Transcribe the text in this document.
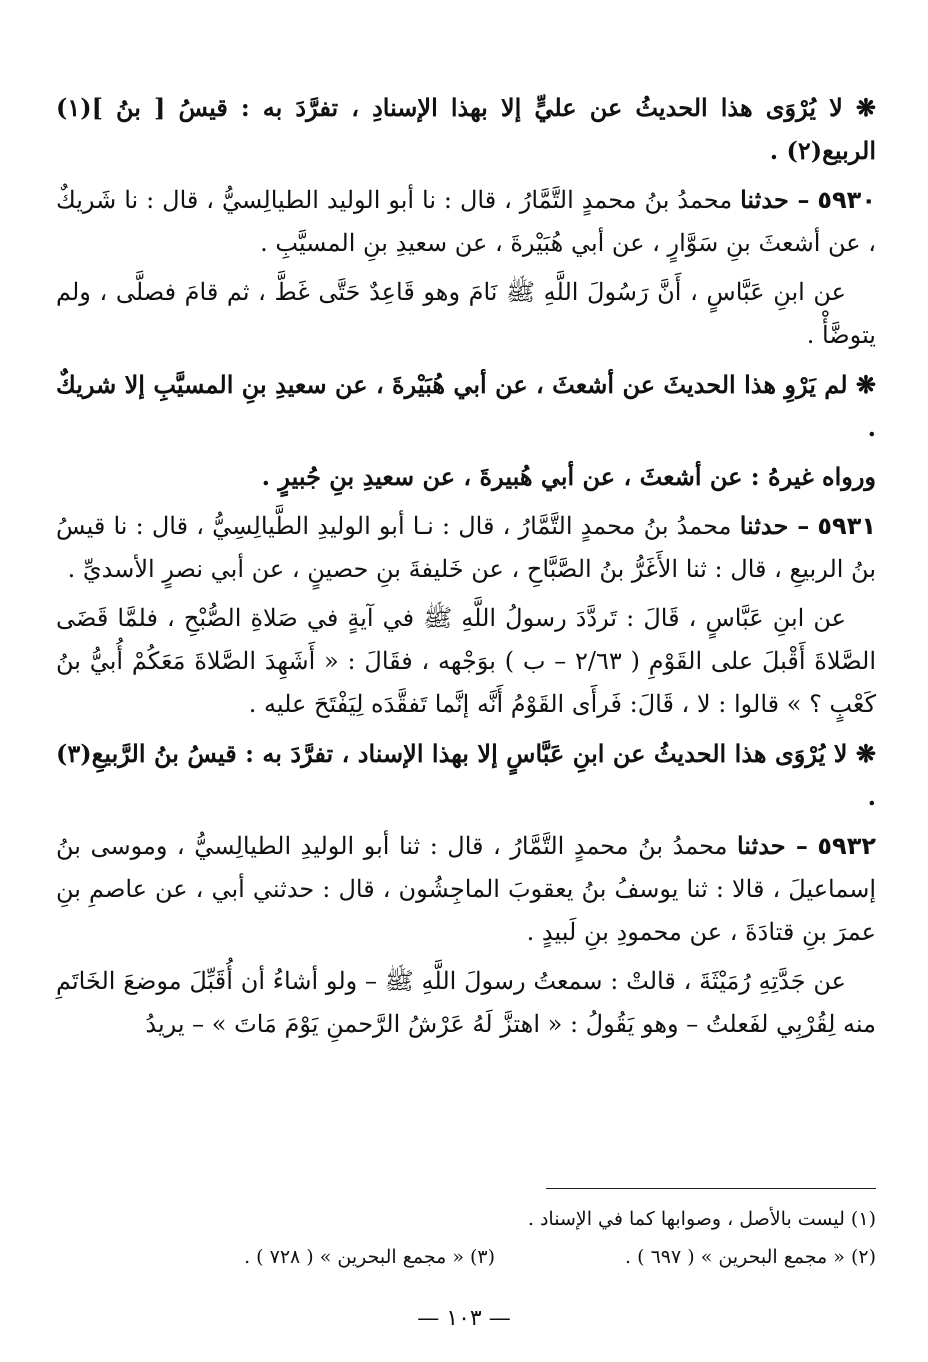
❋ لا يُرْوَى هذا الحديثُ عن عليٍّ إلا بهذا الإسنادِ ، تفرَّدَ به : قيسُ [ بنُ ](١) الربيع(٢) .

٥٩٣٠ – حدثنا محمدُ بنُ محمدٍ التَّمَّارُ ، قال : نا أبو الوليد الطيالِسيُّ ، قال : نا شَريكٌ ، عن أشعثَ بنِ سَوَّارٍ ، عن أبي هُبَيْرةَ ، عن سعيدِ بنِ المسيَّبِ .

عن ابنِ عَبَّاسٍ ، أَنَّ رَسُولَ اللَّهِ ﷺ نَامَ وهو قَاعِدٌ حَتَّى غَطَّ ، ثم قامَ فصلَّى ، ولم يتوضَّأْ .

❋ لم يَرْوِ هذا الحديثَ عن أشعثَ ، عن أبي هُبَيْرةَ ، عن سعيدِ بنِ المسيَّبِ إلا شريكٌ .

ورواه غيرهُ : عن أشعثَ ، عن أبي هُبيرةَ ، عن سعيدِ بنِ جُبيرٍ .

٥٩٣١ – حدثنا محمدُ بنُ محمدٍ التَّمَّارُ ، قال : نـا أبو الوليدِ الطَّيالِسِيُّ ، قال : نا قيسُ بنُ الربيعِ ، قال : ثنا الأَغَرُّ بنُ الصَّبَّاحِ ، عن خَليفةَ بنِ حصينٍ ، عن أبي نصرٍ الأسديِّ .

عن ابنِ عَبَّاسٍ ، قَالَ : تَردَّدَ رسولُ اللَّهِ ﷺ في آيةٍ في صَلاةِ الصُّبْحِ ، فلمَّا قَضَى الصَّلاةَ أَقْبلَ على القَوْمِ ( ٢/٦٣ – ب ) بوَجْهه ، فقَالَ : « أَشَهِدَ الصَّلاةَ مَعَكُمْ أُبيُّ بنُ كَعْبٍ ؟ » قالوا : لا ، قَالَ: فَرأَى القَوْمُ أَنَّه إنَّما تَفقَّدَه لِيَفْتَحَ عليه .

❋ لا يُرْوَى هذا الحديثُ عن ابنِ عَبَّاسٍ إلا بهذا الإسناد ، تفرَّدَ به : قيسُ بنُ الرَّبيعِ(٣) .

٥٩٣٢ – حدثنا محمدُ بنُ محمدٍ التَّمَّارُ ، قال : ثنا أبو الوليدِ الطيالِسيُّ ، وموسى بنُ إسماعيلَ ، قالا : ثنا يوسفُ بنُ يعقوبَ الماجِشُون ، قال : حدثني أبي ، عن عاصمِ بنِ عمرَ بنِ قتادَةَ ، عن محمودِ بنِ لَبيدٍ .

عن جَدَّتِهِ رُمَيْثَةَ ، قالتْ : سمعتُ رسولَ اللَّهِ ﷺ – ولو أشاءُ أن أُقَبِّلَ موضعَ الخَاتَمِ منه لِقُرْبِي لفَعلتُ – وهو يَقُولُ : « اهتزَّ لَهُ عَرْشُ الرَّحمنِ يَوْمَ مَاتَ » – يريدُ

(١) ليست بالأصل ، وصوابها كما في الإسناد .
(٢) « مجمع البحرين » ( ٦٩٧ ) .
(٣) « مجمع البحرين » ( ٧٢٨ ) .
— ١٠٣ —
